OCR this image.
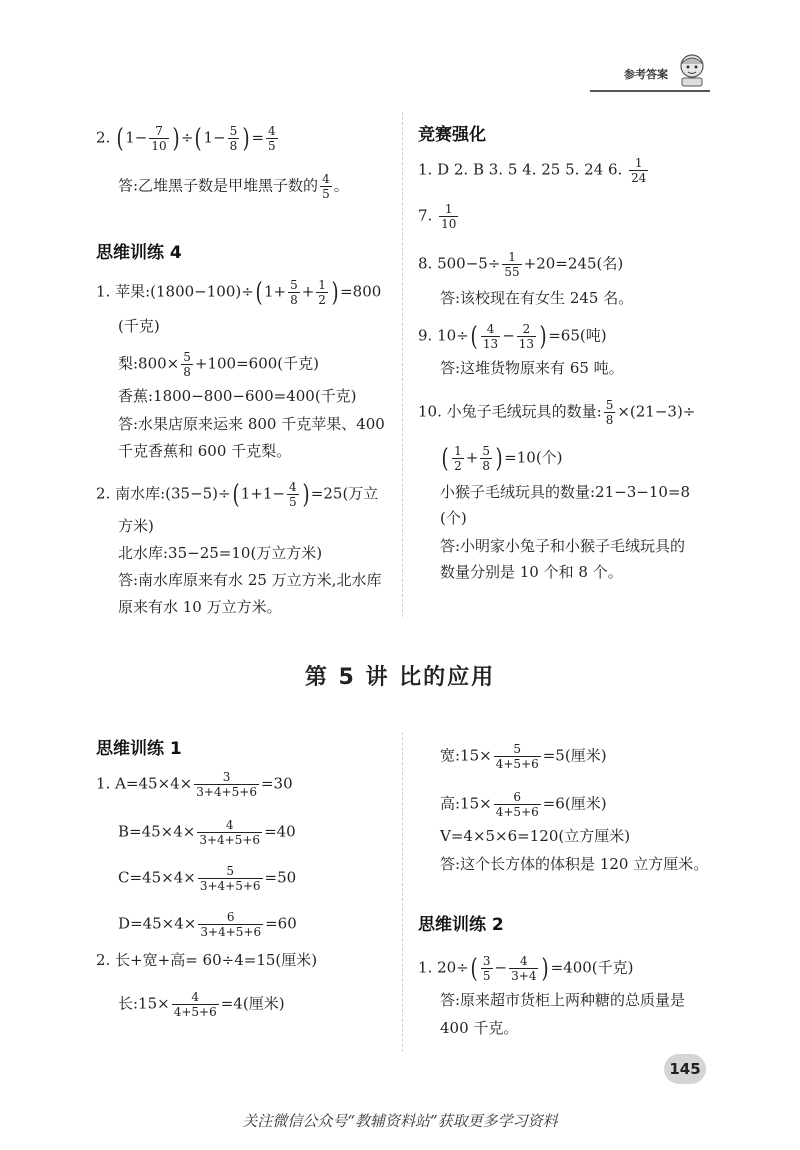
参考答案
2. ( $1- \frac{7}{10}$ ) ÷( $1- \frac{5}{8}$ ) = $\frac{4}{5}$
答:乙堆黑子数是甲堆黑子数的 $\frac{4}{5}$ 。
思维训练 4
1. 苹果:(1800−100)÷( $1+ \frac{5}{8} + \frac{1}{2}$ ) =800
(千克)
梨:800× $\frac{5}{8} +100=600$(千克)
香蕉:1800−800−600=400(千克)
答:水果店原来运来 800 千克苹果、400
千克香蕉和 600 千克梨。
2. 南水库:(35−5)÷( $1+1- \frac{4}{5}$ ) =25(万立
方米)
北水库:35−25=10(万立方米)
答:南水库原来有水 25 万立方米,北水库
原来有水 10 万立方米。
竞赛强化
1. D 2. B 3. 5 4. 25 5. 24 6. $\frac{1}{24}$
7. $\frac{1}{10}$
8. $500-5\div \frac{1}{55} +20=245$(名)
答:该校现在有女生 245 名。
9. $10\div( \frac{4}{13} - \frac{2}{13}$ ) =65(吨)
答:这堆货物原来有 65 吨。
10. 小兔子毛绒玩具的数量: $\frac{5}{8} \times(21-3)\div$
( $\frac{1}{2} + \frac{5}{8}$ ) =10(个)
小猴子毛绒玩具的数量:21−3−10=8
(个)
答:小明家小兔子和小猴子毛绒玩具的
数量分别是 10 个和 8 个。
第 5 讲 比的应用
思维训练 1
1. $A=45\times 4\times \frac{3}{3+4+5+6} =30$
$B=45\times 4\times \frac{4}{3+4+5+6} =40$
$C=45\times 4\times \frac{5}{3+4+5+6} =50$
$D=45\times 4\times \frac{6}{3+4+5+6} =60$
2. 长+宽+高= 60÷4=15(厘米)
长:15× $\frac{4}{4+5+6} =4$(厘米)
宽:15× $\frac{5}{4+5+6} =5$(厘米)
高:15× $\frac{6}{4+5+6} =6$(厘米)
V=4×5×6=120(立方厘米)
答:这个长方体的体积是 120 立方厘米。
思维训练 2
1. $20\div( \frac{3}{5} - \frac{4}{3+4}$ ) =400(千克)
答:原来超市货柜上两种糖的总质量是
400 千克。
145
关注微信公众号“教辅资料站”获取更多学习资料
